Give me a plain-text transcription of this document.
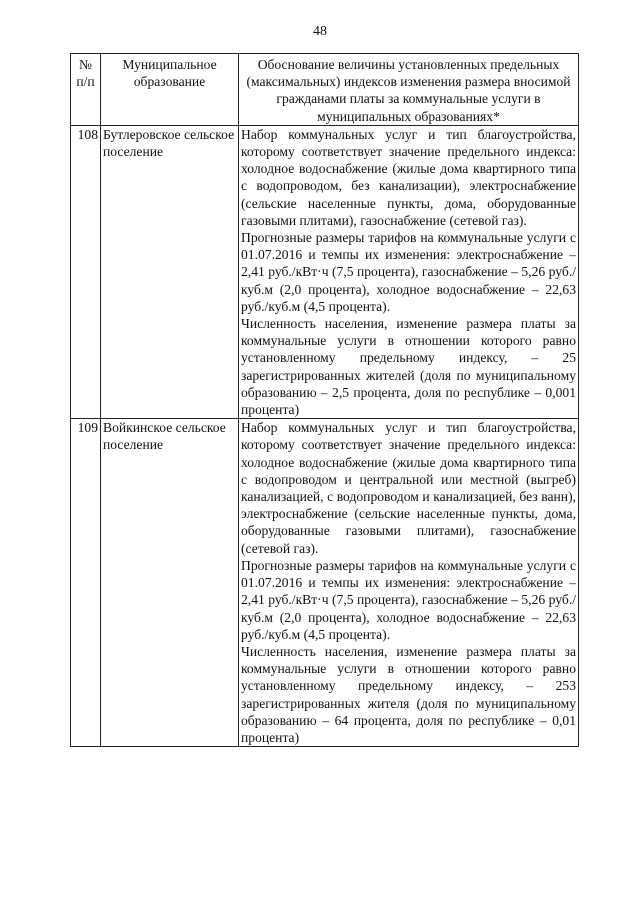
48
№ п/п	Муниципальное образование	Обоснование величины установленных предельных (максимальных) индексов изменения размера вносимой гражданами платы за коммунальные услуги в муниципальных образованиях*
108	Бутлеровское сельское поселение	Набор коммунальных услуг и тип благоустройства, которому соответствует значение предельного индекса: холодное водоснабжение (жилые дома квартирного типа с водопроводом, без канализации), электроснабжение (сельские населенные пункты, дома, оборудованные газовыми плитами), газоснабжение (сетевой газ).

Прогнозные размеры тарифов на коммунальные услуги с 01.07.2016 и темпы их изменения: электроснабжение – 2,41 руб./кВт·ч (7,5 процента), газоснабжение – 5,26 руб./куб.м (2,0 процента), холодное водоснабжение – 22,63 руб./куб.м (4,5 процента).

Численность населения, изменение размера платы за коммунальные услуги в отношении которого равно установленному предельному индексу, – 25 зарегистрированных жителей (доля по муниципальному образованию – 2,5 процента, доля по республике – 0,001 процента)

109	Войкинское сельское поселение	Набор коммунальных услуг и тип благоустройства, которому соответствует значение предельного индекса: холодное водоснабжение (жилые дома квартирного типа с водопроводом и центральной или местной (выгреб) канализацией, с водопроводом и канализацией, без ванн), электроснабжение (сельские населенные пункты, дома, оборудованные газовыми плитами), газоснабжение (сетевой газ).

Прогнозные размеры тарифов на коммунальные услуги с 01.07.2016 и темпы их изменения: электроснабжение – 2,41 руб./кВт·ч (7,5 процента), газоснабжение – 5,26 руб./куб.м (2,0 процента), холодное водоснабжение – 22,63 руб./куб.м (4,5 процента).

Численность населения, изменение размера платы за коммунальные услуги в отношении которого равно установленному предельному индексу, – 253 зарегистрированных жителя (доля по муниципальному образованию – 64 процента, доля по республике – 0,01 процента)
